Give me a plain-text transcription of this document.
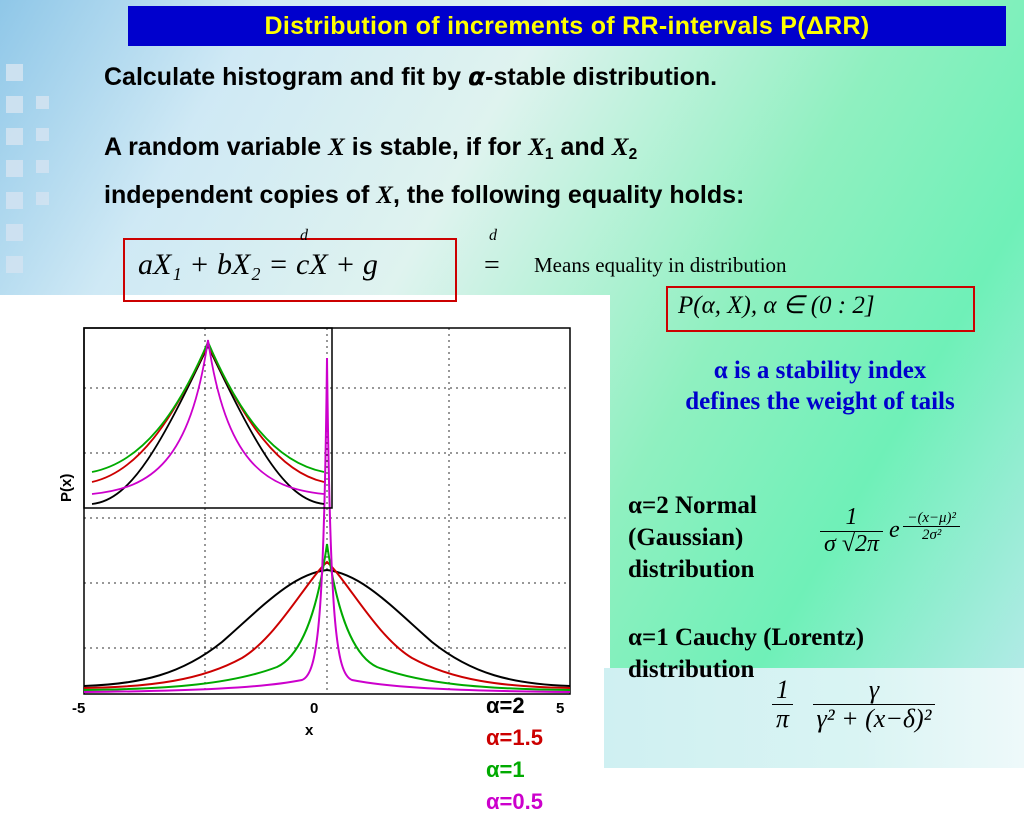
Distribution of increments of RR-intervals P(ΔRR)
Calculate histogram and fit by α-stable distribution.
A random variable X is stable, if for $X_1$ and $X_2$
independent copies of X, the following equality holds:
d
aX₁ + bX₂ = cX + g
d
= Means equality in distribution
P(α, X), α ∈ (0 : 2]
α is a stability index
defines the weight of tails
α=2 Normal
(Gaussian)
distribution
$\frac{1}{\sigma √2\pi}$ e $^{\frac{\text{−(x−μ)²}}{\text{2σ²}}}$
α=1 Cauchy (Lorentz)
distribution
$\frac{1}{\pi}$
$\frac{\gamma}{\text{γ² + (x−δ)²}}$
P(x)
x
-5	0	5
α=2
α=1.5
α=1
α=0.5
